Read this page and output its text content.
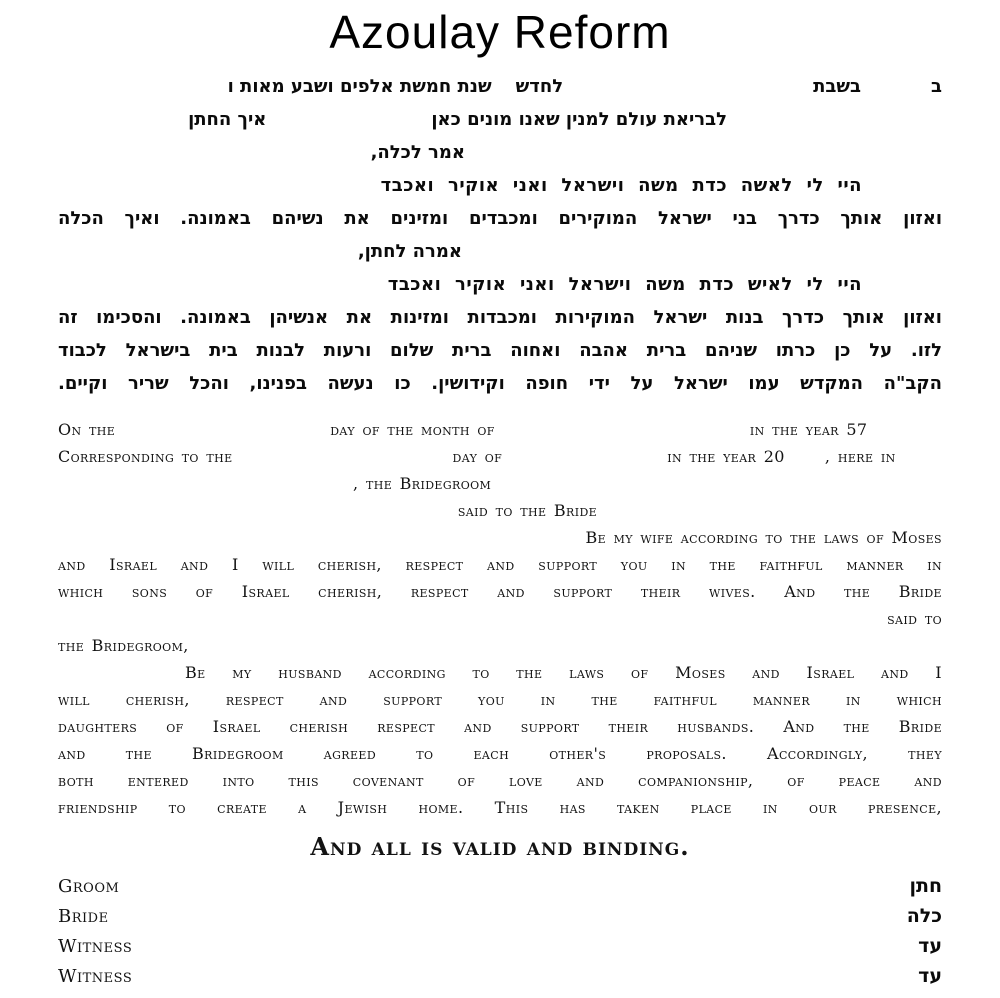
Azoulay Reform
בבשבתלחדששנת חמשת אלפים ושבע מאות ו
לבריאת עולם למנין שאנו מונים כאןאיך החתן
אמר לכלה,
היי לי לאשה כדת משה וישראל ואני אוקיר ואכבד
ואזון אותך כדרך בני ישראל המוקירים ומכבדים ומזינים את נשיהם באמונה. ואיך הכלה
אמרה לחתן,
היי לי לאיש כדת משה וישראל ואני אוקיר ואכבד
ואזון אותך כדרך בנות ישראל המוקירות ומכבדות ומזינות את אנשיהן באמונה. והסכימו זה
לזו. על כן כרתו שניהם ברית אהבה ואחוה ברית שלום ורעות לבנות בית בישראל לכבוד
הקב"ה המקדש עמו ישראל על ידי חופה וקידושין. כו נעשה בפנינו, והכל שריר וקיים.
On the	day of the month of	in the year 57
Corresponding to the	day of	in the year 20	, here in
, the Bridegroom
said to the Bride
Be my wife according to the laws of Moses
and Israel and I will cherish, respect and support you in the faithful manner in
which sons of Israel cherish, respect and support their wives. And the Bride
said to
the Bridegroom,
Be my husband according to the laws of Moses and Israel and I
will cherish, respect and support you in the faithful manner in which
daughters of Israel cherish respect and support their husbands. And the Bride
and the Bridegroom agreed to each other's proposals. Accordingly, they
both entered into this covenant of love and companionship, of peace and
friendship to create a Jewish home. This has taken place in our presence,
And all is valid and binding.
Groom	חתן
Bride	כלה
Witness	עד
Witness	עד
